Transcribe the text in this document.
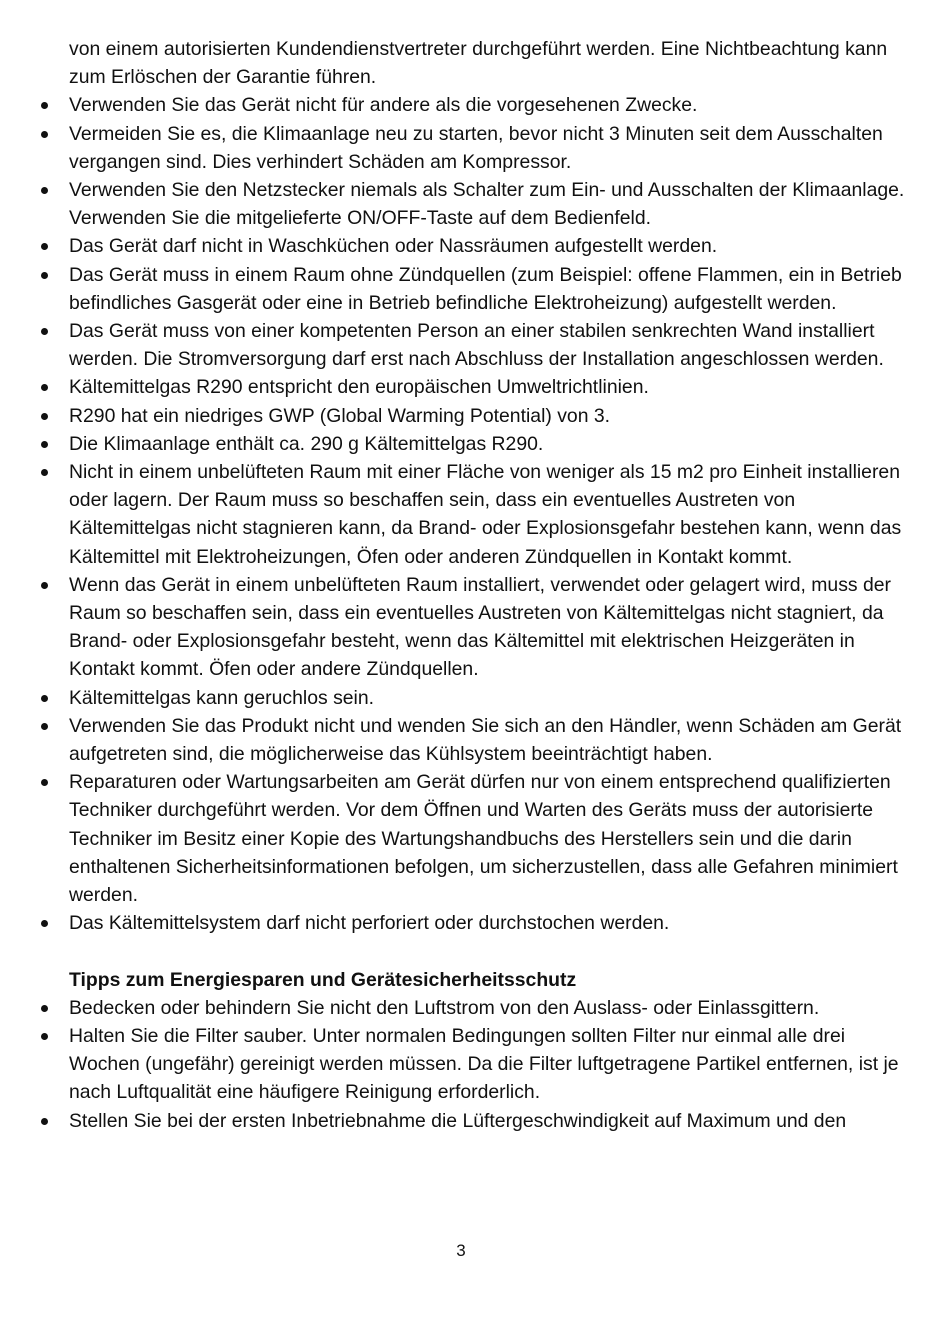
von einem autorisierten Kundendienstvertreter durchgeführt werden. Eine Nichtbeachtung kann zum Erlöschen der Garantie führen.

Verwenden Sie das Gerät nicht für andere als die vorgesehenen Zwecke.
Vermeiden Sie es, die Klimaanlage neu zu starten, bevor nicht 3 Minuten seit dem Ausschalten vergangen sind. Dies verhindert Schäden am Kompressor.
Verwenden Sie den Netzstecker niemals als Schalter zum Ein- und Ausschalten der Klimaanlage. Verwenden Sie die mitgelieferte ON/OFF-Taste auf dem Bedienfeld.
Das Gerät darf nicht in Waschküchen oder Nassräumen aufgestellt werden.
Das Gerät muss in einem Raum ohne Zündquellen (zum Beispiel: offene Flammen, ein in Betrieb befindliches Gasgerät oder eine in Betrieb befindliche Elektroheizung) aufgestellt werden.
Das Gerät muss von einer kompetenten Person an einer stabilen senkrechten Wand installiert werden. Die Stromversorgung darf erst nach Abschluss der Installation angeschlossen werden.
Kältemittelgas R290 entspricht den europäischen Umweltrichtlinien.
R290 hat ein niedriges GWP (Global Warming Potential) von 3.
Die Klimaanlage enthält ca. 290 g Kältemittelgas R290.
Nicht in einem unbelüfteten Raum mit einer Fläche von weniger als 15 m2 pro Einheit installieren oder lagern. Der Raum muss so beschaffen sein, dass ein eventuelles Austreten von Kältemittelgas nicht stagnieren kann, da Brand- oder Explosionsgefahr bestehen kann, wenn das Kältemittel mit Elektroheizungen, Öfen oder anderen Zündquellen in Kontakt kommt.
Wenn das Gerät in einem unbelüfteten Raum installiert, verwendet oder gelagert wird, muss der Raum so beschaffen sein, dass ein eventuelles Austreten von Kältemittelgas nicht stagniert, da Brand- oder Explosionsgefahr besteht, wenn das Kältemittel mit elektrischen Heizgeräten in Kontakt kommt. Öfen oder andere Zündquellen.
Kältemittelgas kann geruchlos sein.
Verwenden Sie das Produkt nicht und wenden Sie sich an den Händler, wenn Schäden am Gerät aufgetreten sind, die möglicherweise das Kühlsystem beeinträchtigt haben.
Reparaturen oder Wartungsarbeiten am Gerät dürfen nur von einem entsprechend qualifizierten Techniker durchgeführt werden. Vor dem Öffnen und Warten des Geräts muss der autorisierte Techniker im Besitz einer Kopie des Wartungshandbuchs des Herstellers sein und die darin enthaltenen Sicherheitsinformationen befolgen, um sicherzustellen, dass alle Gefahren minimiert werden.
Das Kältemittelsystem darf nicht perforiert oder durchstochen werden.

Tipps zum Energiesparen und Gerätesicherheitsschutz

Bedecken oder behindern Sie nicht den Luftstrom von den Auslass- oder Einlassgittern.
Halten Sie die Filter sauber. Unter normalen Bedingungen sollten Filter nur einmal alle drei Wochen (ungefähr) gereinigt werden müssen. Da die Filter luftgetragene Partikel entfernen, ist je nach Luftqualität eine häufigere Reinigung erforderlich.
Stellen Sie bei der ersten Inbetriebnahme die Lüftergeschwindigkeit auf Maximum und den
3
